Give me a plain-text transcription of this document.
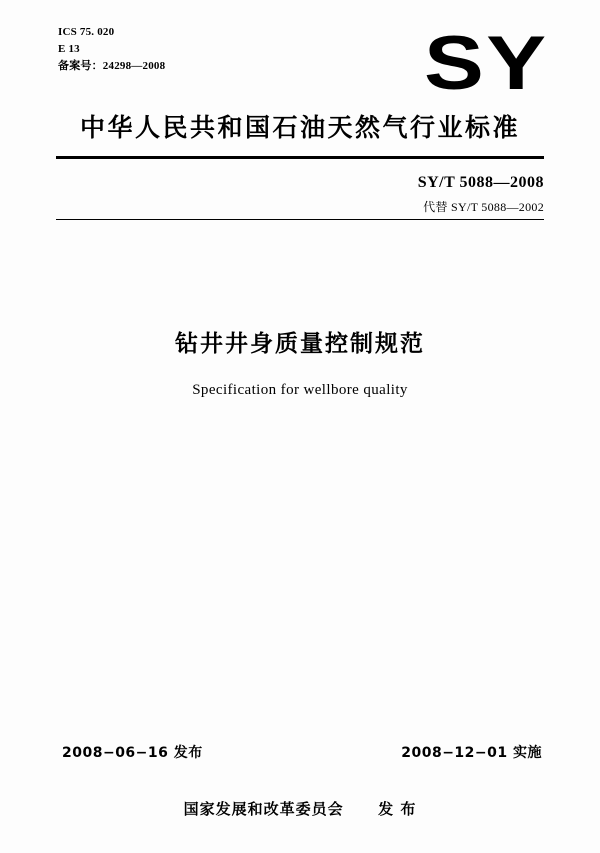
ICS 75. 020
E 13
备案号：24298—2008	SY
中华人民共和国石油天然气行业标准
SY/T 5088—2008
代替 SY/T 5088—2002
钻井井身质量控制规范
Specification for wellbore quality
2008−06−16 发布	2008−12−01 实施
国家发展和改革委员会 发 布
